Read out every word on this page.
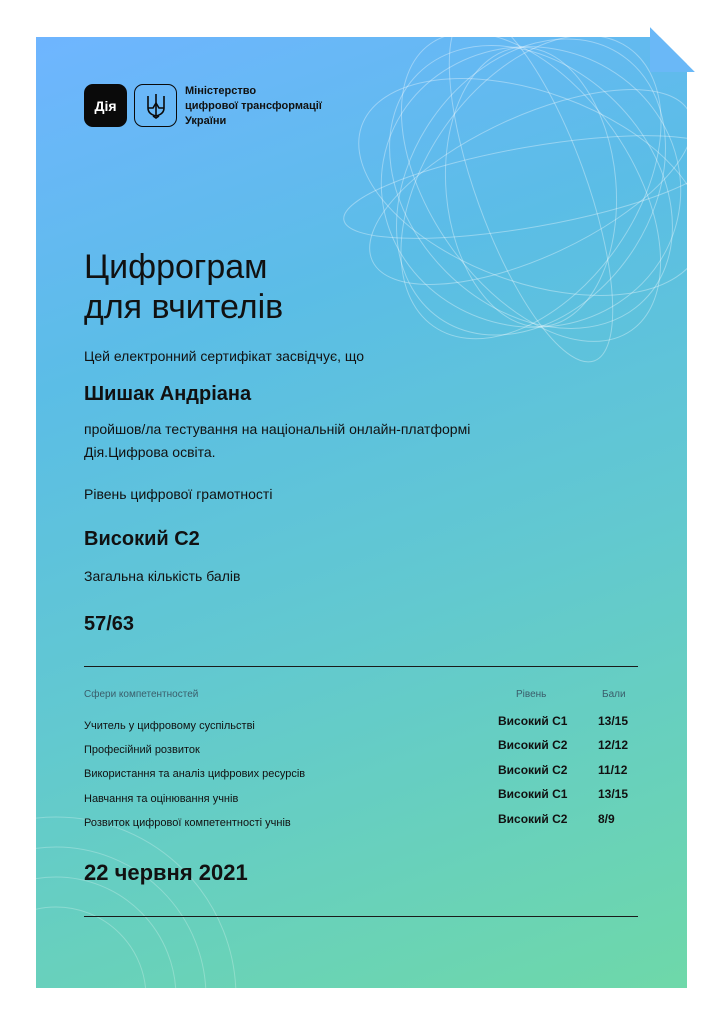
Дія
Міністерство
цифрової трансформації
України
Цифрограм
для вчителів
Цей електронний сертифікат засвідчує, що
Шишак Андріана
пройшов/ла тестування на національній онлайн-платформі
Дія.Цифрова освіта.
Рівень цифрової грамотності
Високий С2
Загальна кількість балів
57/63
Сфери компетентностей	Рівень	Бали
Учитель у цифровому суспільстві	Високий С1	13/15
Професійний розвиток	Високий С2	12/12
Використання та аналіз цифрових ресурсів	Високий С2	11/12
Навчання та оцінювання учнів	Високий С1	13/15
Розвиток цифрової компетентності учнів	Високий С2	8/9
22 червня 2021
